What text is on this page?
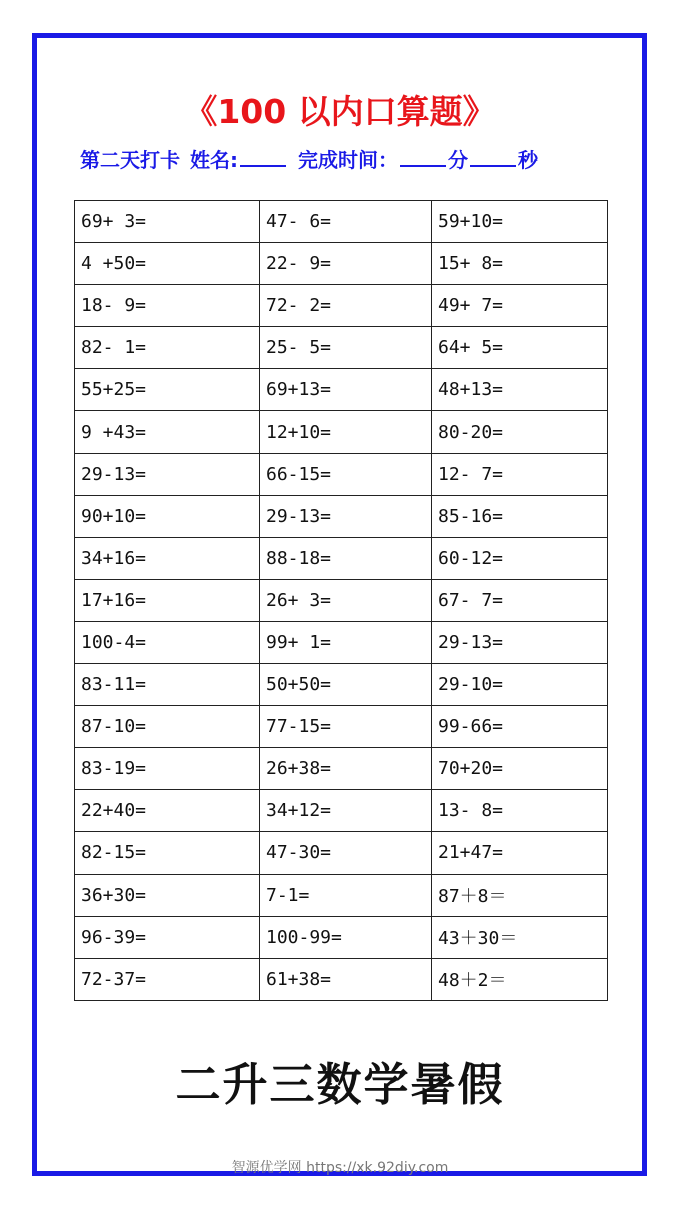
《100 以内口算题》
第二天打卡 姓名:	完成时间：	分	秒
69+ 3=	47- 6=	59+10=
4 +50=	22- 9=	15+ 8=
18- 9=	72- 2=	49+ 7=
82- 1=	25- 5=	64+ 5=
55+25=	69+13=	48+13=
9 +43=	12+10=	80-20=
29-13=	66-15=	12- 7=
90+10=	29-13=	85-16=
34+16=	88-18=	60-12=
17+16=	26+ 3=	67- 7=
100-4=	99+ 1=	29-13=
83-11=	50+50=	29-10=
87-10=	77-15=	99-66=
83-19=	26+38=	70+20=
22+40=	34+12=	13- 8=
82-15=	47-30=	21+47=
36+30=	7-1=	87＋8＝
96-39=	100-99=	43＋30＝
72-37=	61+38=	48＋2＝
二升三数学暑假
智源优学网 https://xk.92diy.com
